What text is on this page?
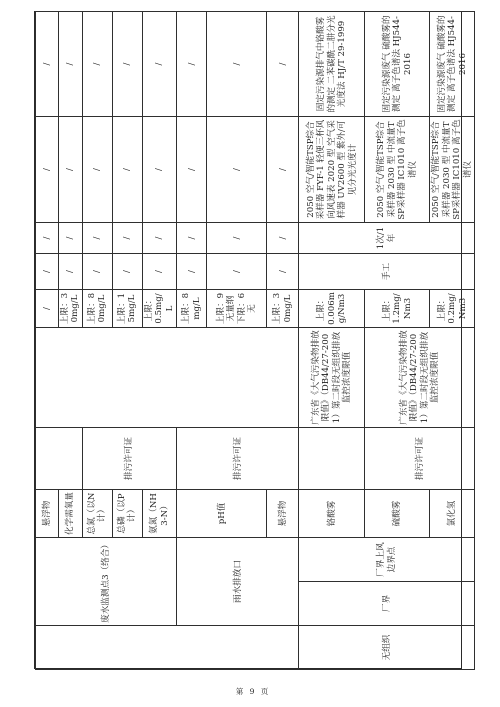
	废水监测点3（络合）		悬浮物			/	/	/	/	/
			化学需氧量			上限：30mg/L	/	/	/	/
			总氮（以N计）	排污许可证		上限：80mg/L	/	/	/	/
			总磷（以P计）			上限：15mg/L	/	/	/	/
			氨氮（NH3-N）			上限：0.5mg/L	/	/	/	/
	雨水排放口		pH值	排污许可证		上限：8mg/L	/	/	/	/
						上限：9 无量纲 下限：6 无	/	/	/	/
			悬浮物			上限：30mg/L	/	/	/	/
无组织	厂界	厂界上风边界点	铬酸雾		广东省《大气污染物排放限值》（DB44/27-2001）第二时段无组织排放监控浓度限值	上限：0.006mg/Nm3	手工	1次/1年	2050 空气/智能TSP综合采样器 FYF-1 轻便三杯风向风速表 2020 型 空气采样器 UV2600 型 紫外/可见分光光度计	固定污染源排气中铬酸雾的测定 二苯碳酰二肼分光光度法 HJ/T 29-1999
			硫酸雾	排污许可证	广东省《大气污染物排放限值》（DB44/27-2001）第二时段无组织排放监控浓度限值	上限：1.2mg/Nm3			2050 空气/智能TSP综合采样器 2030 型 中流量TSP采样器 IC1010 离子色谱仪	固定污染源废气 硫酸雾的测定 离子色谱法 HJ544-2016
			氯化氢			上限：0.2mg/Nm3			2050 空气/智能TSP综合采样器 2030 型 中流量TSP采样器 IC1010 离子色谱仪	固定污染源废气 硫酸雾的测定 离子色谱法 HJ544-2016
第 9 页
